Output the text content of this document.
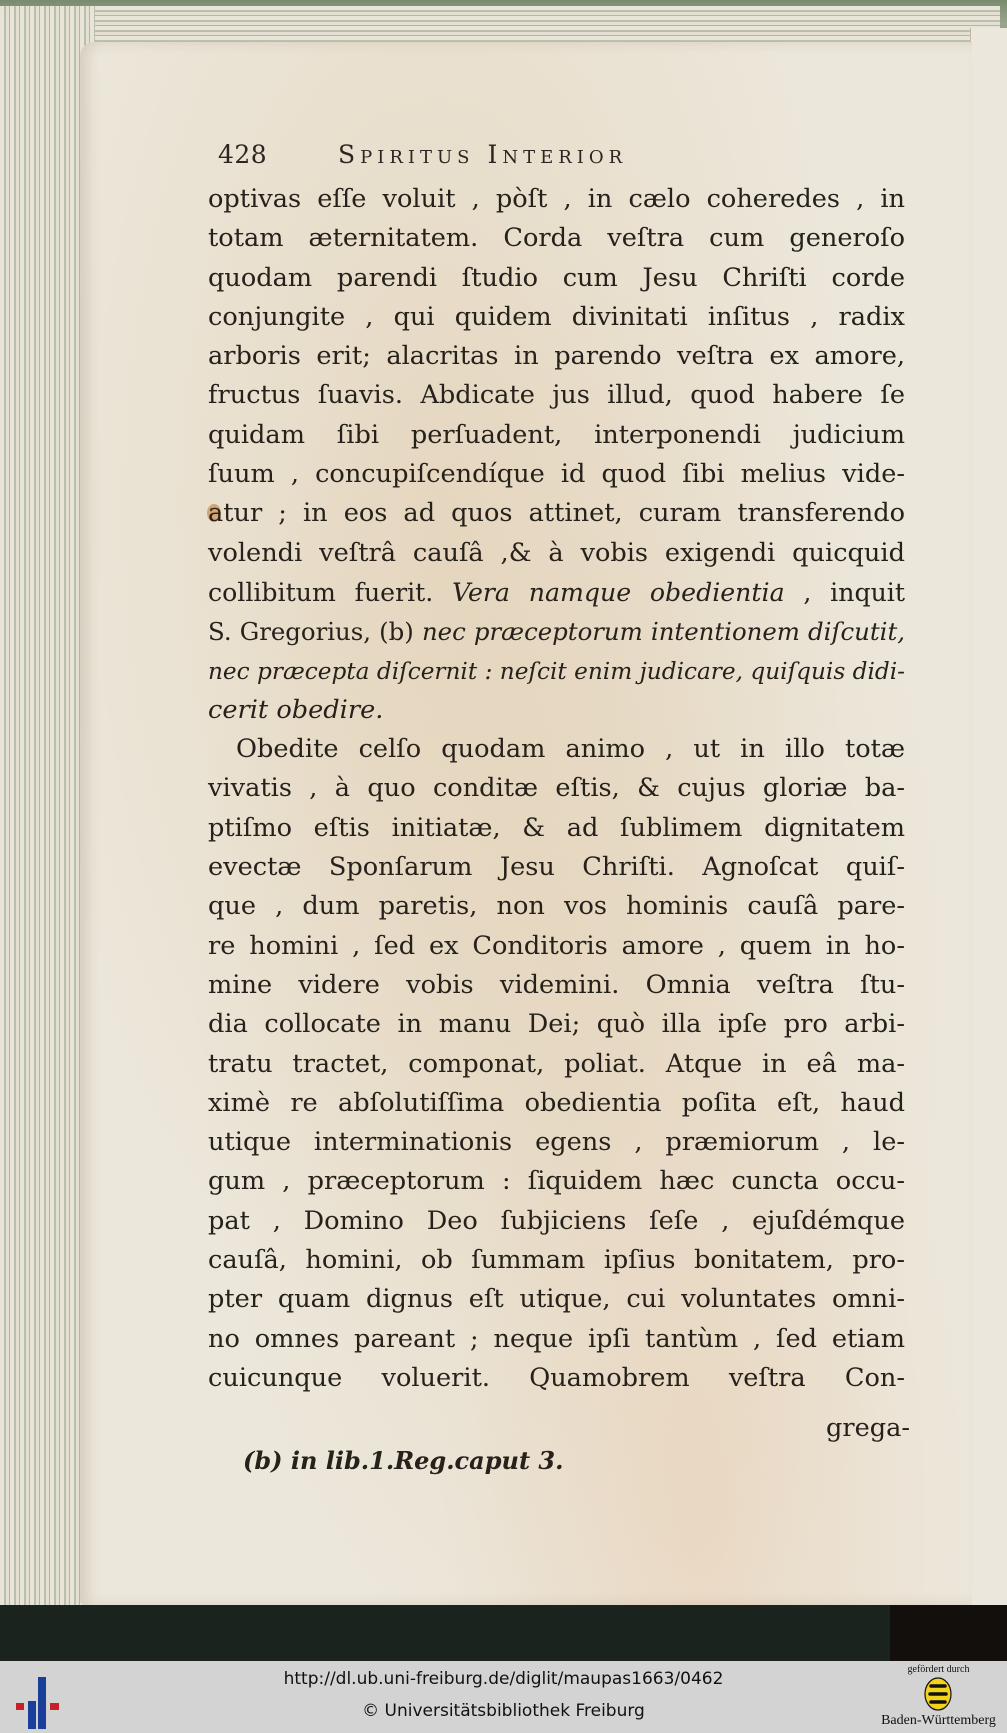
428	Spiritus Interior
optivas eſſe voluit , pòſt , in cælo coheredes , in
totam æternitatem. Corda veſtra cum generoſo
quodam parendi ſtudio cum Jesu Chriſti corde
conjungite , qui quidem divinitati inſitus , radix
arboris erit; alacritas in parendo veſtra ex amore,
fructus ſuavis. Abdicate jus illud, quod habere ſe
quidam ſibi perſuadent, interponendi judicium
ſuum , concupiſcendíque id quod ſibi melius vide-
atur ; in eos ad quos attinet, curam transferendo
volendi veſtrâ cauſâ ,& à vobis exigendi quicquid
collibitum fuerit. Vera namque obedientia , inquit
S. Gregorius, (b) nec præceptorum intentionem diſcutit,
nec præcepta diſcernit : neſcit enim judicare, quiſquis didi-
cerit obedire.
Obedite celſo quodam animo , ut in illo totæ
vivatis , à quo conditæ eſtis, & cujus gloriæ ba-
ptiſmo eſtis initiatæ, & ad ſublimem dignitatem
evectæ Sponſarum Jesu Chriſti. Agnoſcat quiſ-
que , dum paretis, non vos hominis cauſâ pare-
re homini , ſed ex Conditoris amore , quem in ho-
mine videre vobis videmini. Omnia veſtra ſtu-
dia collocate in manu Dei; quò illa ipſe pro arbi-
tratu tractet, componat, poliat. Atque in eâ ma-
ximè re abſolutiſſima obedientia poſita eſt, haud
utique interminationis egens , præmiorum , le-
gum , præceptorum : ſiquidem hæc cuncta occu-
pat , Domino Deo ſubjiciens ſeſe , ejuſdémque
cauſâ, homini, ob ſummam ipſius bonitatem, pro-
pter quam dignus eſt utique, cui voluntates omni-
no omnes pareant ; neque ipſi tantùm , ſed etiam
cuicunque voluerit. Quamobrem veſtra Con-
grega-
(b) in lib.1.Reg.caput 3.
http://dl.ub.uni-freiburg.de/diglit/maupas1663/0462
© Universitätsbibliothek Freiburg
gefördert durch
Baden-Württemberg
